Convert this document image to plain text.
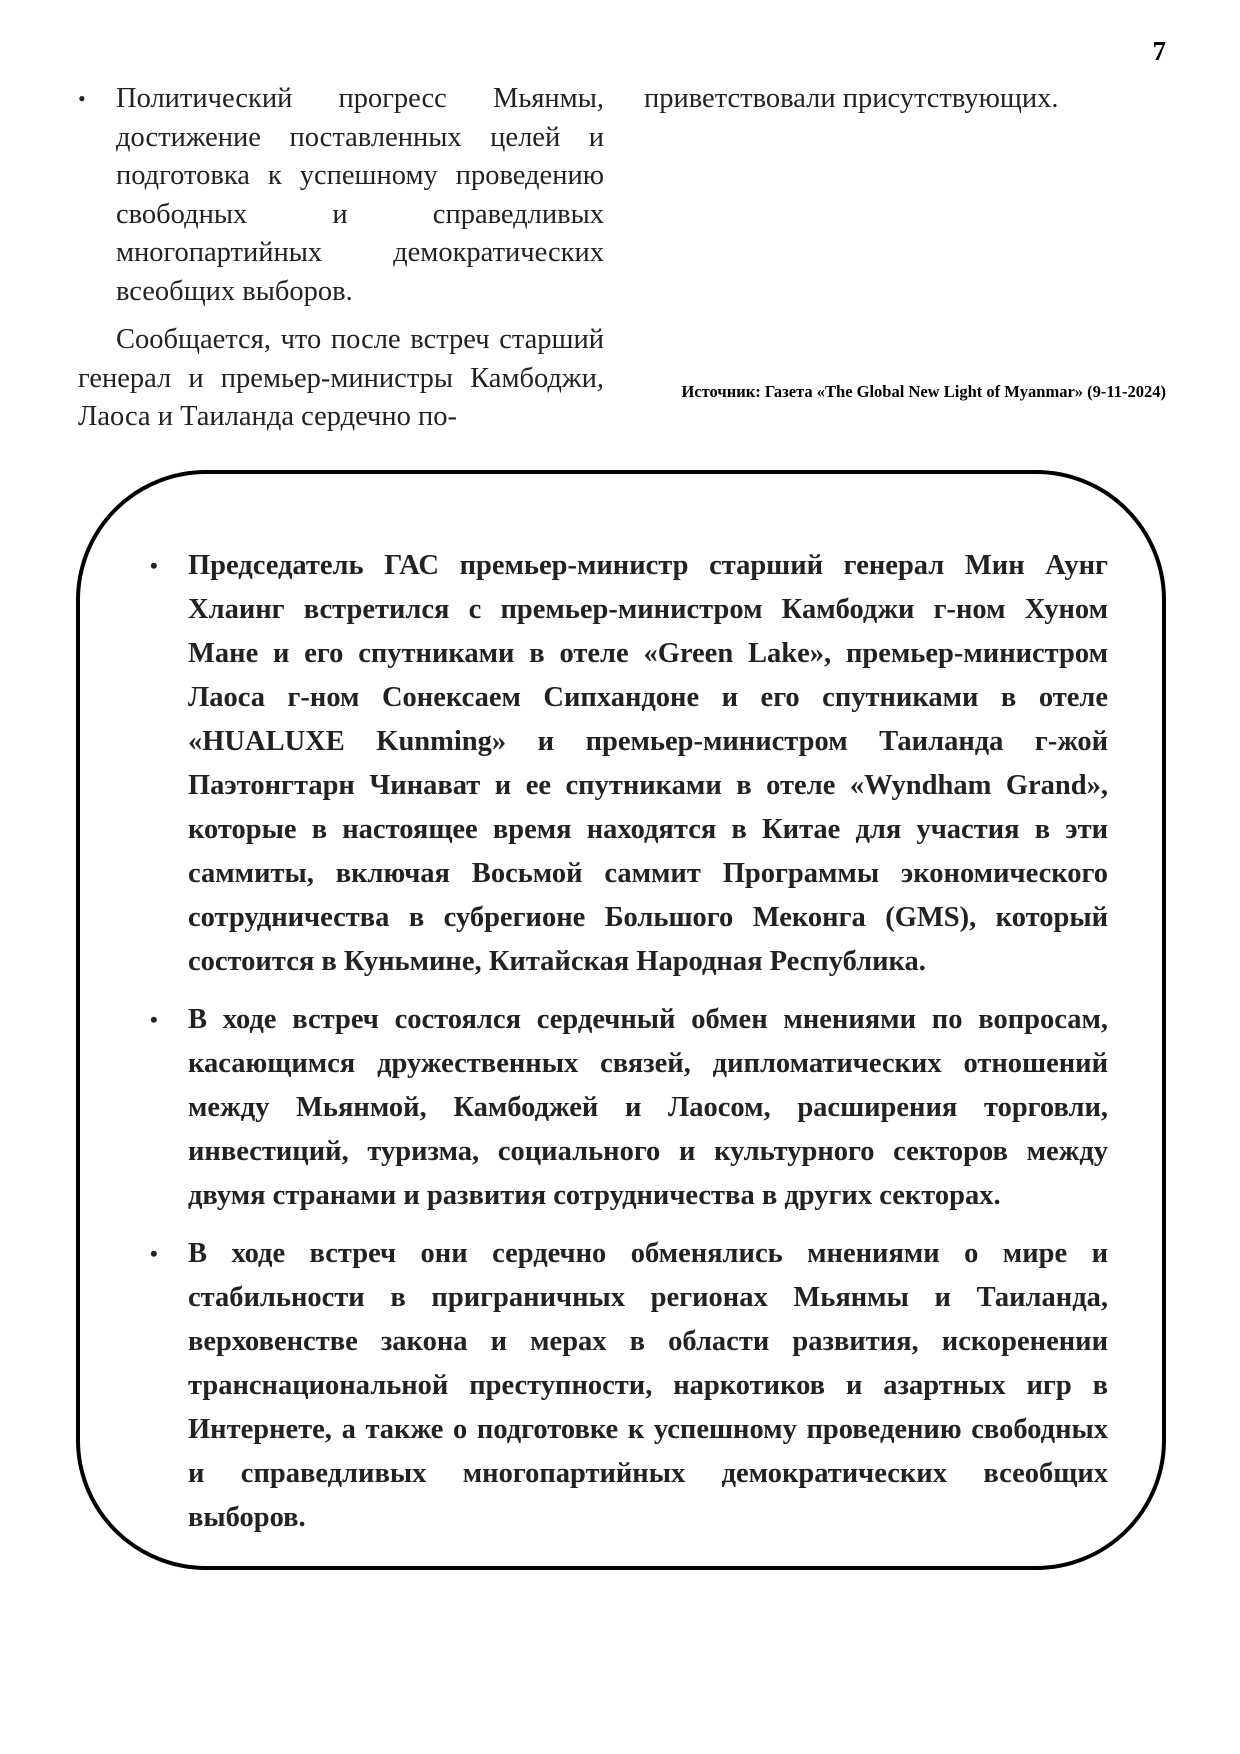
7
• Политический прогресс Мьянмы, достижение поставленных целей и подготовка к успешному проведению свободных и справедливых многопартийных демократических всеобщих выборов.

Сообщается, что после встреч старший генерал и премьер-министры Камбоджи, Лаоса и Таиланда сердечно по-

приветствовали присутствующих.
Источник: Газета «The Global New Light of Myanmar» (9-11-2024)
• Председатель ГАС премьер-министр старший генерал Мин Аунг Хлаинг встретился с премьер-министром Камбоджи г-ном Хуном Мане и его спутниками в отеле «Green Lake», премьер-министром Лаоса г-ном Сонексаем Сипхандоне и его спутниками в отеле «HUALUXE Kunming» и премьер-министром Таиланда г-жой Паэтонгтарн Чинават и ее спутниками в отеле «Wyndham Grand», которые в настоящее время находятся в Китае для участия в эти саммиты, включая Восьмой саммит Программы экономического сотрудничества в субрегионе Большого Меконга (GMS), который состоится в Куньмине, Китайская Народная Республика.
• В ходе встреч состоялся сердечный обмен мнениями по вопросам, касающимся дружественных связей, дипломатических отношений между Мьянмой, Камбоджей и Лаосом, расширения торговли, инвестиций, туризма, социального и культурного секторов между двумя странами и развития сотрудничества в других секторах.
• В ходе встреч они сердечно обменялись мнениями о мире и стабильности в приграничных регионах Мьянмы и Таиланда, верховенстве закона и мерах в области развития, искоренении транснациональной преступности, наркотиков и азартных игр в Интернете, а также о подготовке к успешному проведению свободных и справедливых многопартийных демократических всеобщих выборов.
